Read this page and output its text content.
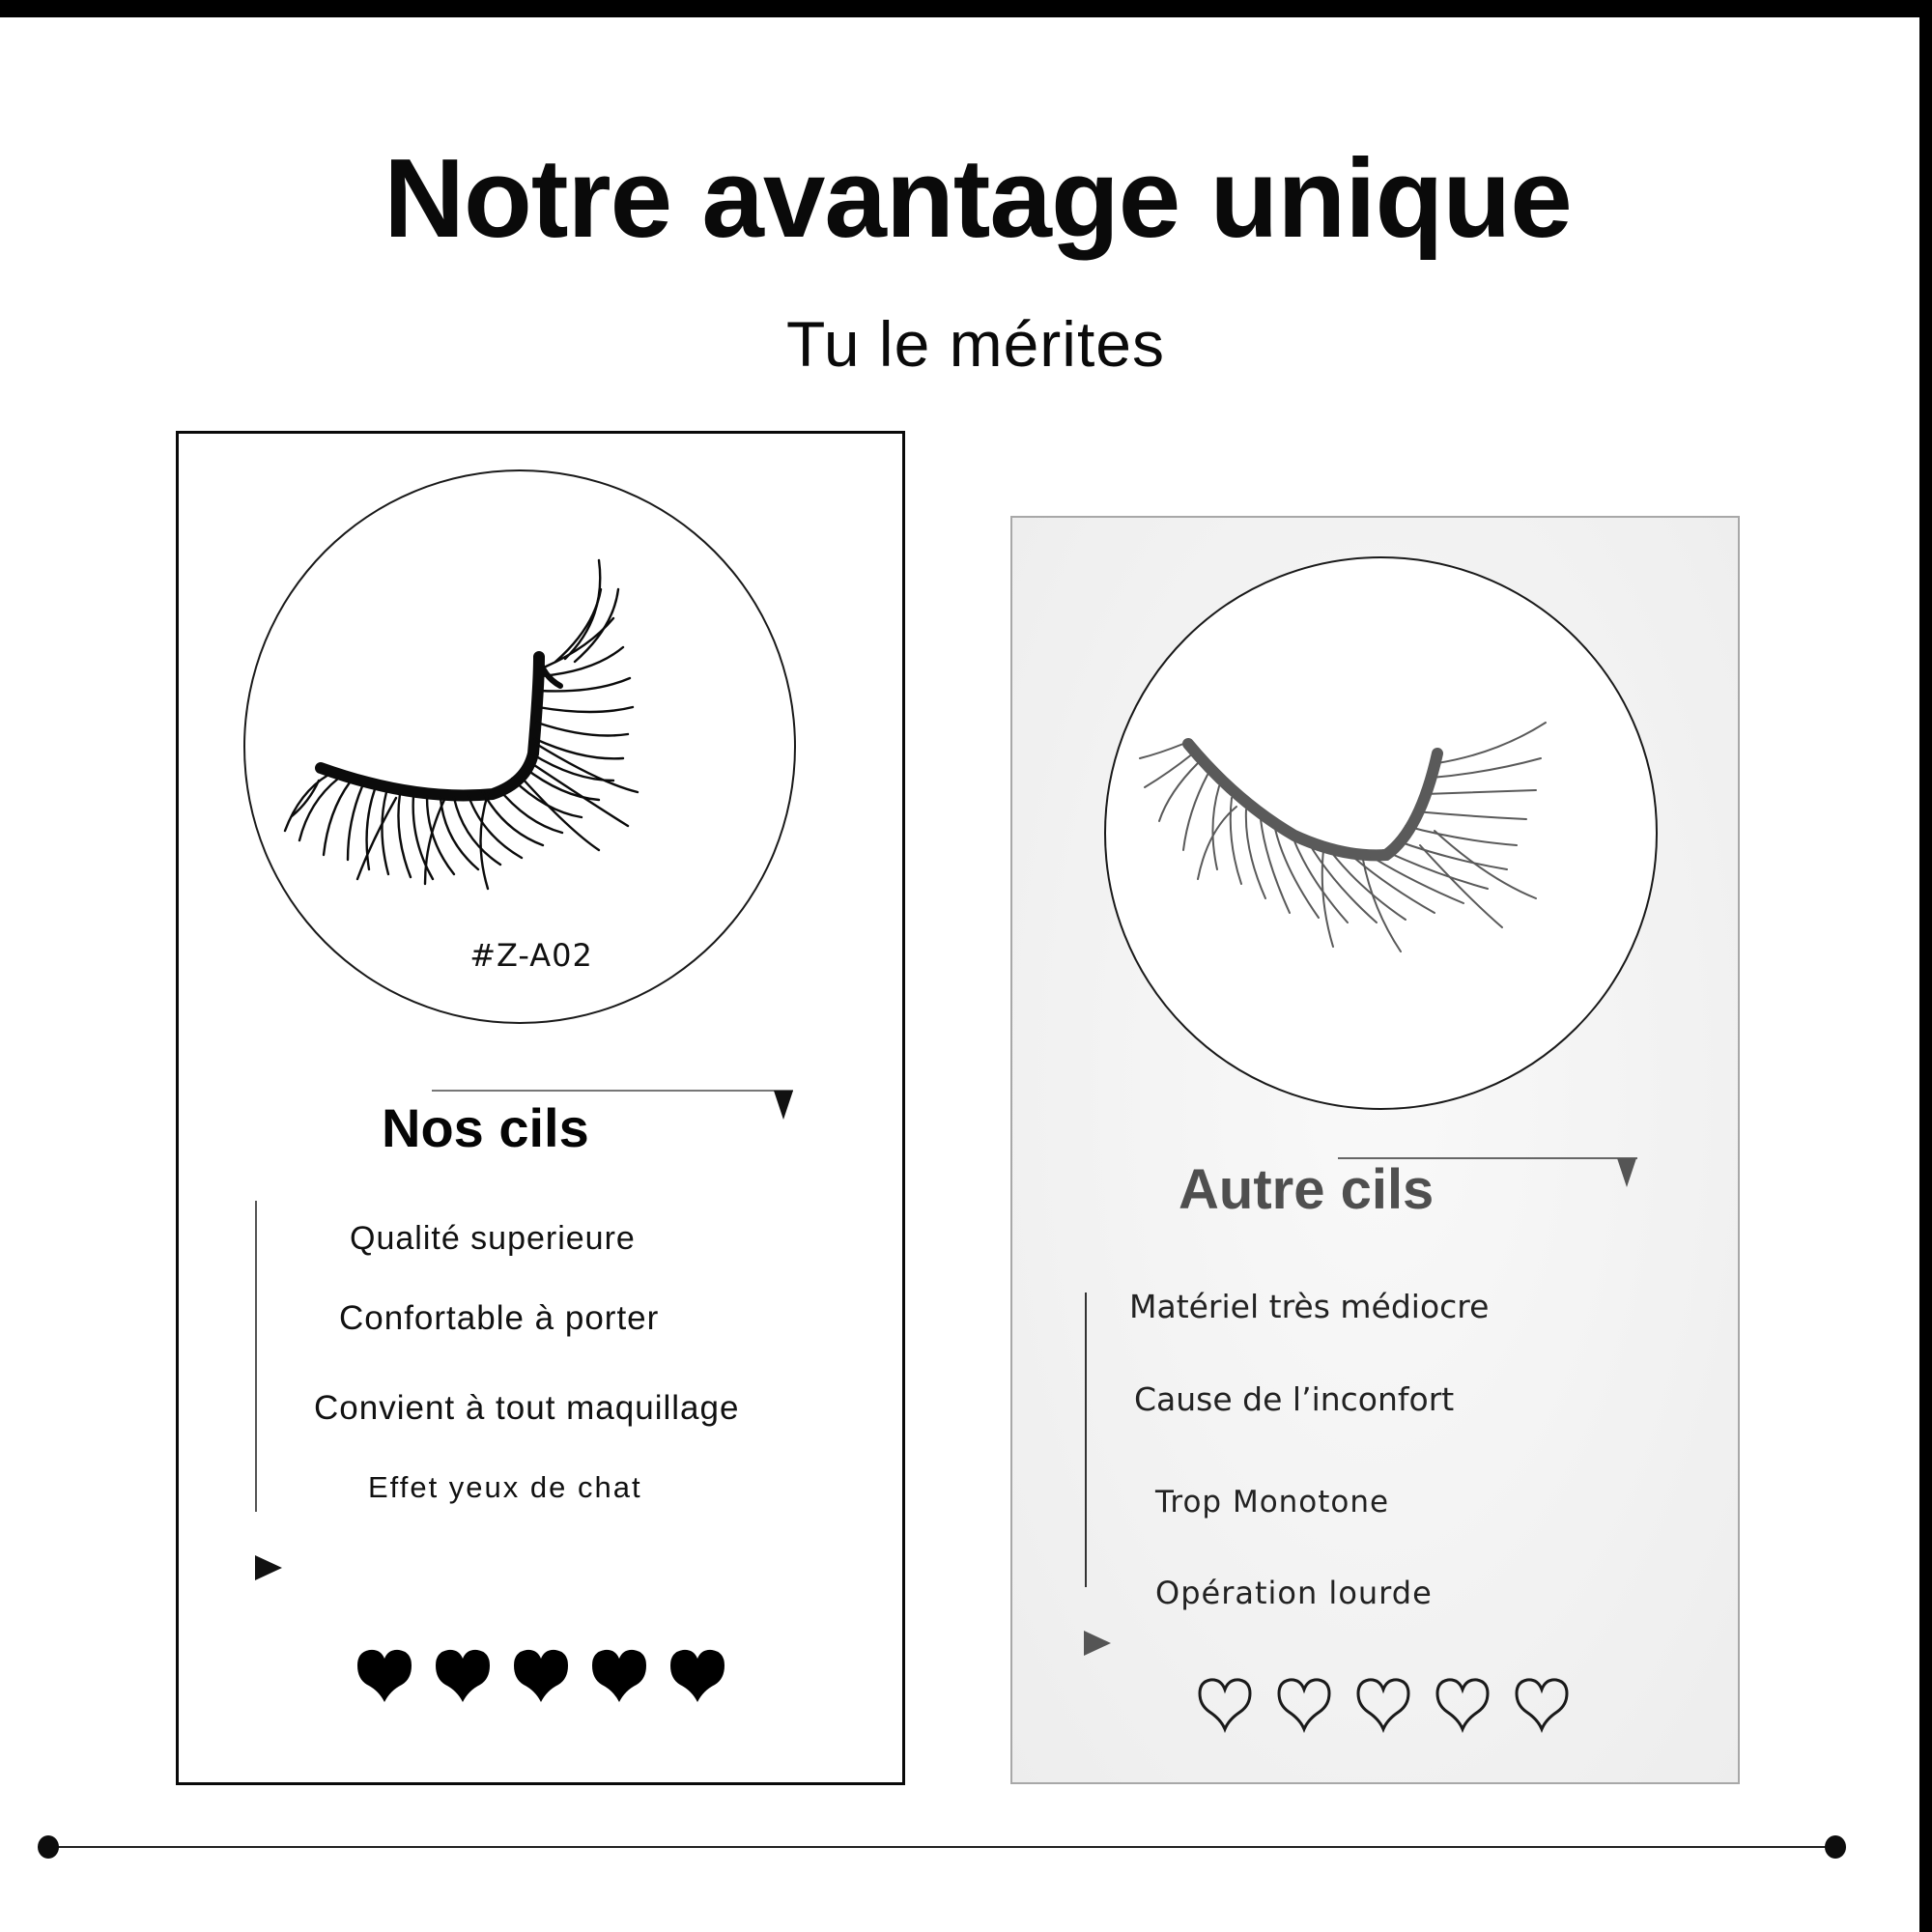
Notre avantage unique
Tu le mérites
#Z-A02
Nos cils
Qualité superieure
Confortable à porter
Convient à tout maquillage
Effet yeux de chat
Autre cils
Matériel très médiocre
Cause de l’inconfort
Trop Monotone
Opération lourde
